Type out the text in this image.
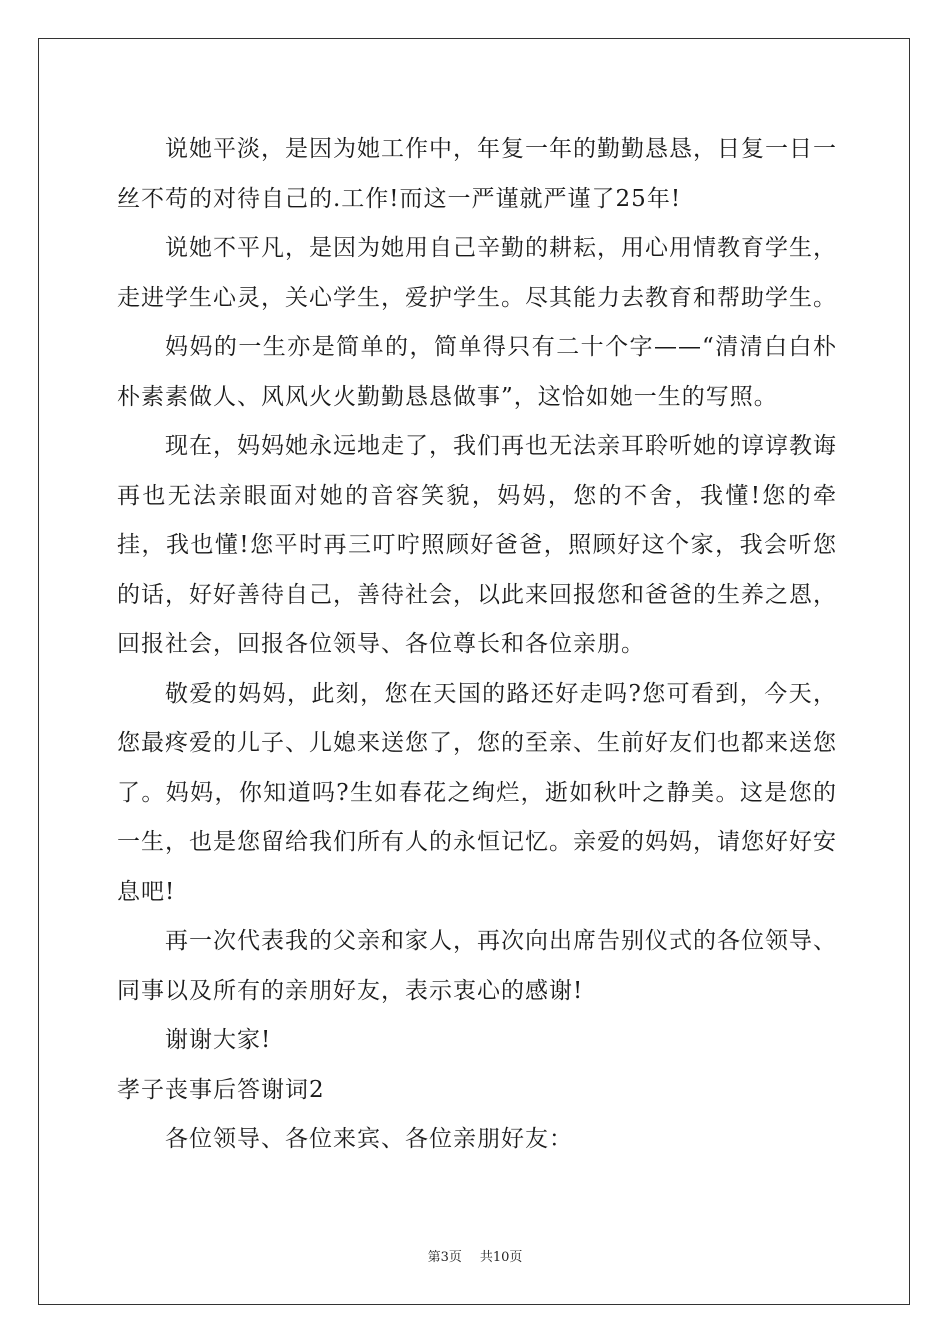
说她平淡，是因为她工作中，年复一年的勤勤恳恳，日复一日一丝不苟的对待自己的.工作!而这一严谨就严谨了25年!

说她不平凡，是因为她用自己辛勤的耕耘，用心用情教育学生，走进学生心灵，关心学生，爱护学生。尽其能力去教育和帮助学生。

妈妈的一生亦是简单的，简单得只有二十个字——“清清白白朴朴素素做人、风风火火勤勤恳恳做事”，这恰如她一生的写照。

现在，妈妈她永远地走了，我们再也无法亲耳聆听她的谆谆教诲再也无法亲眼面对她的音容笑貌，妈妈，您的不舍，我懂!您的牵挂，我也懂!您平时再三叮咛照顾好爸爸，照顾好这个家，我会听您的话，好好善待自己，善待社会，以此来回报您和爸爸的生养之恩，回报社会，回报各位领导、各位尊长和各位亲朋。

敬爱的妈妈，此刻，您在天国的路还好走吗?您可看到，今天，您最疼爱的儿子、儿媳来送您了，您的至亲、生前好友们也都来送您了。妈妈，你知道吗?生如春花之绚烂，逝如秋叶之静美。这是您的一生，也是您留给我们所有人的永恒记忆。亲爱的妈妈，请您好好安息吧!

再一次代表我的父亲和家人，再次向出席告别仪式的各位领导、同事以及所有的亲朋好友，表示衷心的感谢!

谢谢大家!

孝子丧事后答谢词2

各位领导、各位来宾、各位亲朋好友：

第3页 共10页
